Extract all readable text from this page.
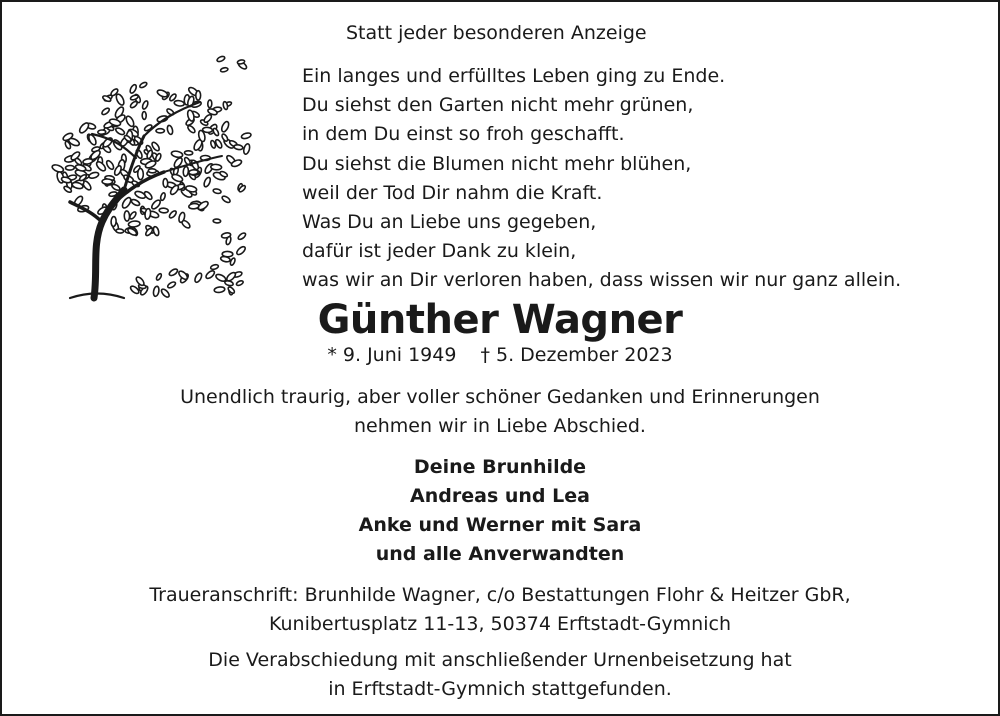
Statt jeder besonderen Anzeige
Ein langes und erfülltes Leben ging zu Ende.
Du siehst den Garten nicht mehr grünen,
in dem Du einst so froh geschafft.
Du siehst die Blumen nicht mehr blühen,
weil der Tod Dir nahm die Kraft.
Was Du an Liebe uns gegeben,
dafür ist jeder Dank zu klein,
was wir an Dir verloren haben, dass wissen wir nur ganz allein.
Günther Wagner
* 9. Juni 1949 † 5. Dezember 2023
Unendlich traurig, aber voller schöner Gedanken und Erinnerungen
nehmen wir in Liebe Abschied.
Deine Brunhilde
Andreas und Lea
Anke und Werner mit Sara
und alle Anverwandten
Traueranschrift: Brunhilde Wagner, c/o Bestattungen Flohr & Heitzer GbR,
Kunibertusplatz 11-13, 50374 Erftstadt-Gymnich
Die Verabschiedung mit anschließender Urnenbeisetzung hat
in Erftstadt-Gymnich stattgefunden.
